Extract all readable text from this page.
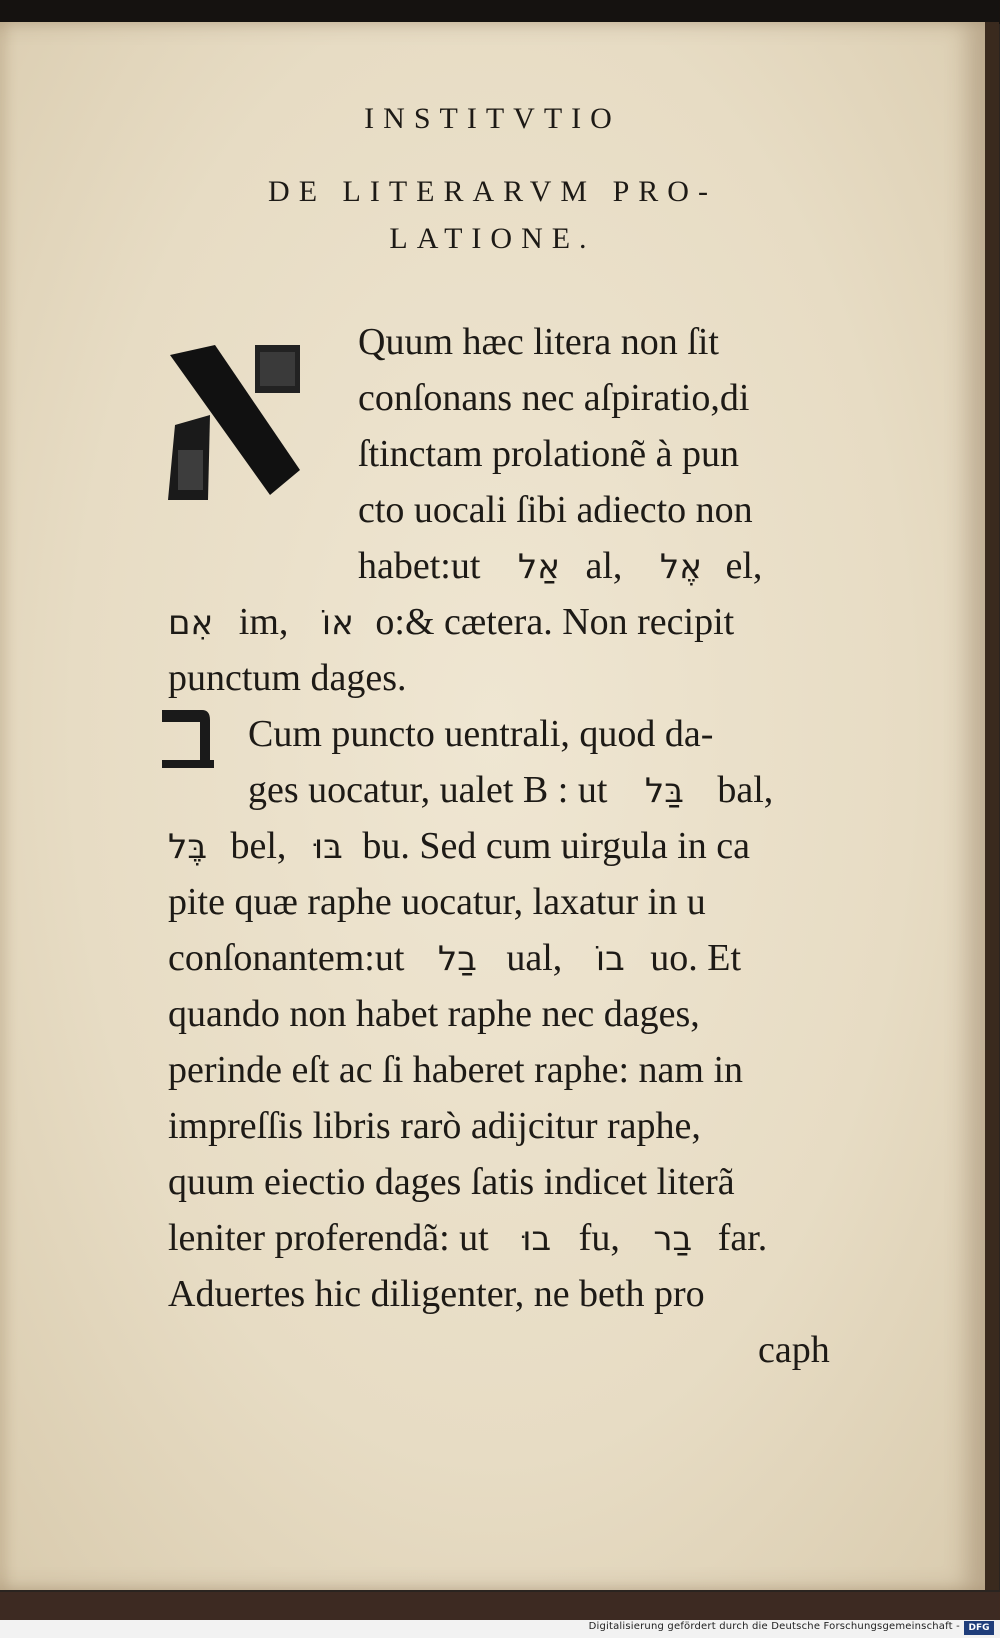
INSTITVTIO
DE LITERARVM PRO-
LATIONE.
Quum hæc litera non ſit
conſonans nec aſpiratio,di
ſtinctam prolationẽ à pun
cto uocali ſibi adiecto non
habet:ut אַל al, אֶל el,
אִם im, אוֹ o:& cætera. Non recipit
punctum dages.
Cum puncto uentrali, quod da-
ges uocatur, ualet B : ut בַּל bal,
בֶּל bel, בּוּ bu. Sed cum uirgula in ca
pite quæ raphe uocatur, laxatur in u
conſonantem:ut בַל ual, בוֹ uo. Et
quando non habet raphe nec dages,
perinde eſt ac ſi haberet raphe: nam in
impreſſis libris rarò adijcitur raphe,
quum eiectio dages ſatis indicet literã
leniter proferendã: ut בוּ fu, בַר far.
Aduertes hic diligenter, ne beth pro
caph
Digitalisierung gefördert durch die Deutsche Forschungsgemeinschaft - DFG
